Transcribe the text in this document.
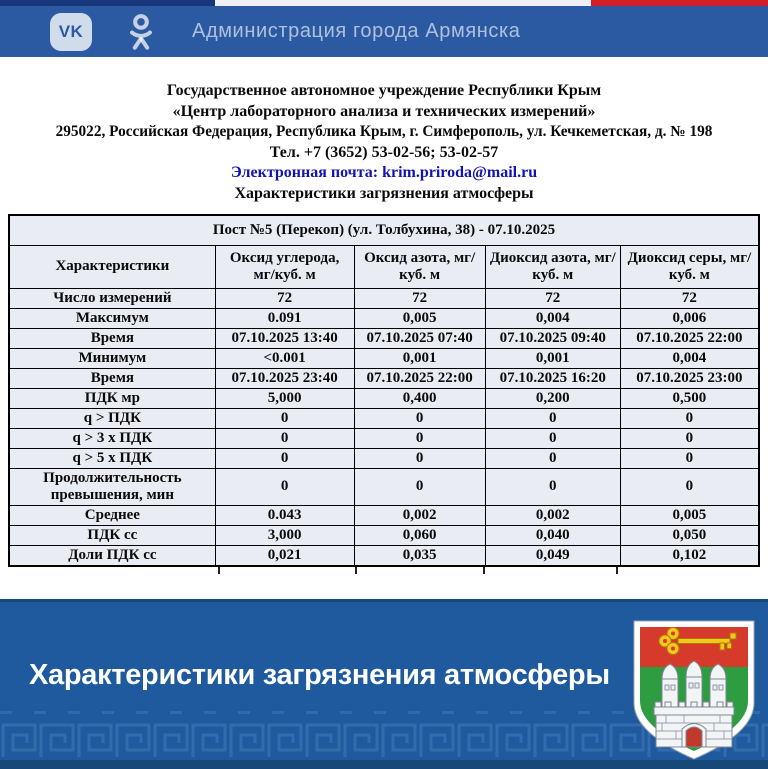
VK	Администрация города Армянска
Государственное автономное учреждение Республики Крым
«Центр лабораторного анализа и технических измерений»
295022, Российская Федерация, Республика Крым, г. Симферополь, ул. Кечкеметская, д. № 198
Тел. +7 (3652) 53-02-56; 53-02-57
Электронная почта: krim.priroda@mail.ru
Характеристики загрязнения атмосферы
Пост №5 (Перекоп) (ул. Толбухина, 38) - 07.10.2025				
Характеристики	Оксид углерода, мг/куб. м	Оксид азота, мг/куб. м	Диоксид азота, мг/куб. м	Диоксид серы, мг/куб. м
Число измерений	72	72	72	72
Максимум	0.091	0,005	0,004	0,006
Время	07.10.2025 13:40	07.10.2025 07:40	07.10.2025 09:40	07.10.2025 22:00
Минимум	<0.001	0,001	0,001	0,004
Время	07.10.2025 23:40	07.10.2025 22:00	07.10.2025 16:20	07.10.2025 23:00
ПДК мр	5,000	0,400	0,200	0,500
q > ПДК	0	0	0	0
q > 3 х ПДК	0	0	0	0
q > 5 х ПДК	0	0	0	0
Продолжительность превышения, мин	0	0	0	0
Среднее	0.043	0,002	0,002	0,005
ПДК сс	3,000	0,060	0,040	0,050
Доли ПДК сс	0,021	0,035	0,049	0,102
Характеристики загрязнения атмосферы
